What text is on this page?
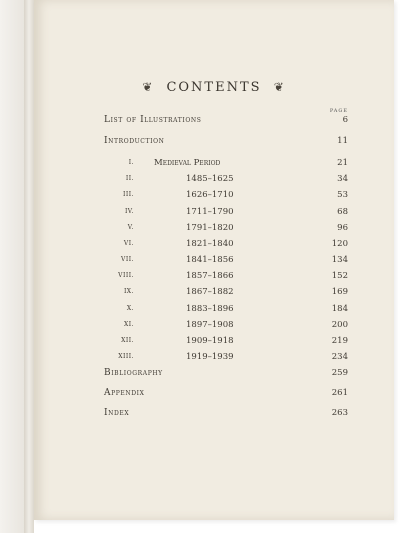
❦ CONTENTS ❦
PAGE
List of Illustrations	6
Introduction	11
I. Medieval Period	21
II.	1485–1625	34
III.	1626–1710	53
IV.	1711–1790	68
V.	1791–1820	96
VI.	1821–1840	120
VII.	1841–1856	134
VIII.	1857–1866	152
IX.	1867–1882	169
X.	1883–1896	184
XI.	1897–1908	200
XII.	1909–1918	219
XIII.	1919–1939	234
Bibliography	259
Appendix	261
Index	263
